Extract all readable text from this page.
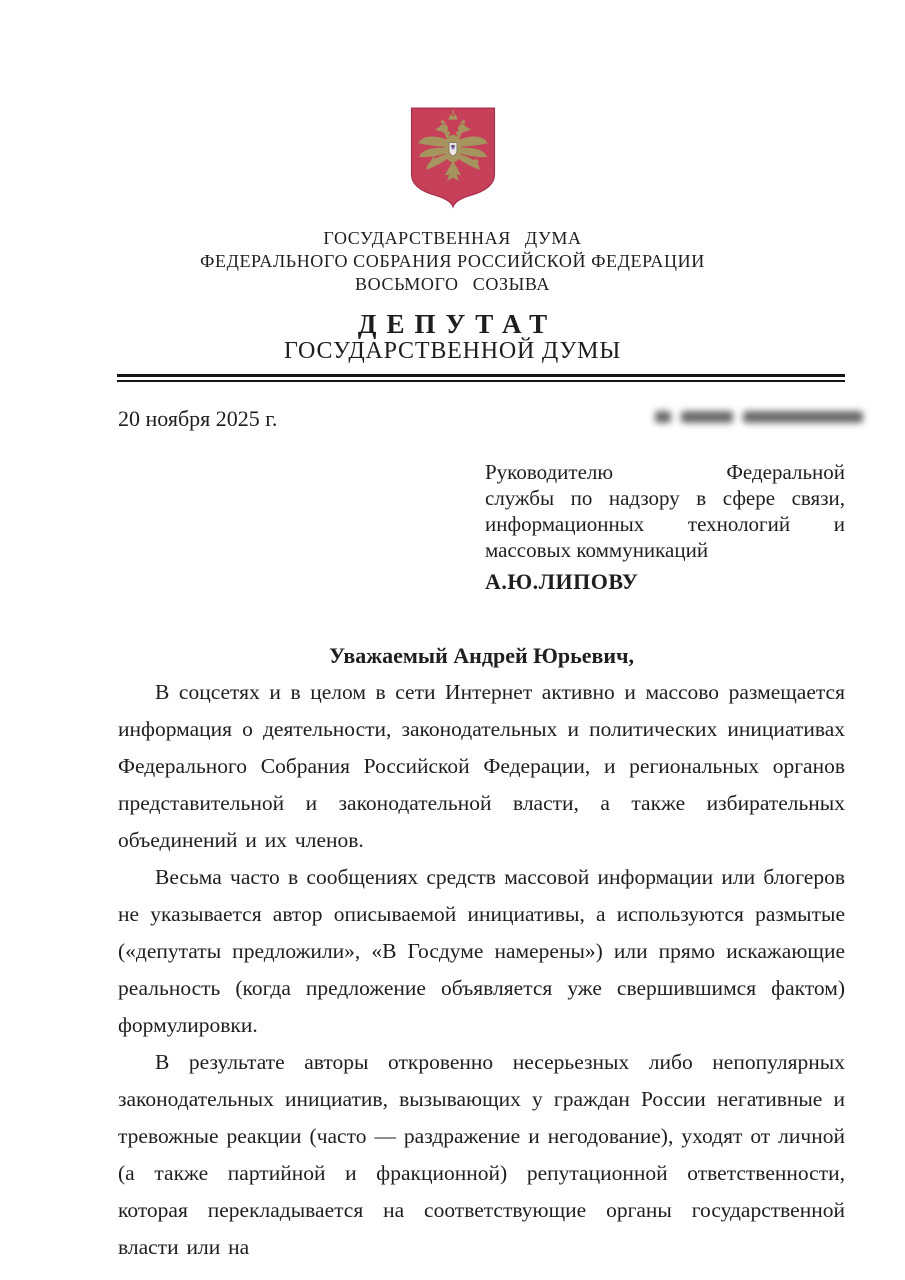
ГОСУДАРСТВЕННАЯ ДУМА
ФЕДЕРАЛЬНОГО СОБРАНИЯ РОССИЙСКОЙ ФЕДЕРАЦИИ
ВОСЬМОГО СОЗЫВА
ДЕПУТАТ
ГОСУДАРСТВЕННОЙ ДУМЫ
20 ноября 2025 г.
Руководителю Федеральной
службы по надзору в сфере связи,
информационных технологий и
массовых коммуникаций
А.Ю.ЛИПОВУ
Уважаемый Андрей Юрьевич,

В соцсетях и в целом в сети Интернет активно и массово размещается информация о деятельности, законодательных и политических инициативах Федерального Собрания Российской Федерации, и региональных органов представительной и законодательной власти, а также избирательных объединений и их членов.

Весьма часто в сообщениях средств массовой информации или блогеров не указывается автор описываемой инициативы, а используются размытые («депутаты предложили», «В Госдуме намерены») или прямо искажающие реальность (когда предложение объявляется уже свершившимся фактом) формулировки.

В результате авторы откровенно несерьезных либо непопулярных законодательных инициатив, вызывающих у граждан России негативные и тревожные реакции (часто — раздражение и негодование), уходят от личной (а также партийной и фракционной) репутационной ответственности, которая перекладывается на соответствующие органы государственной власти или на
